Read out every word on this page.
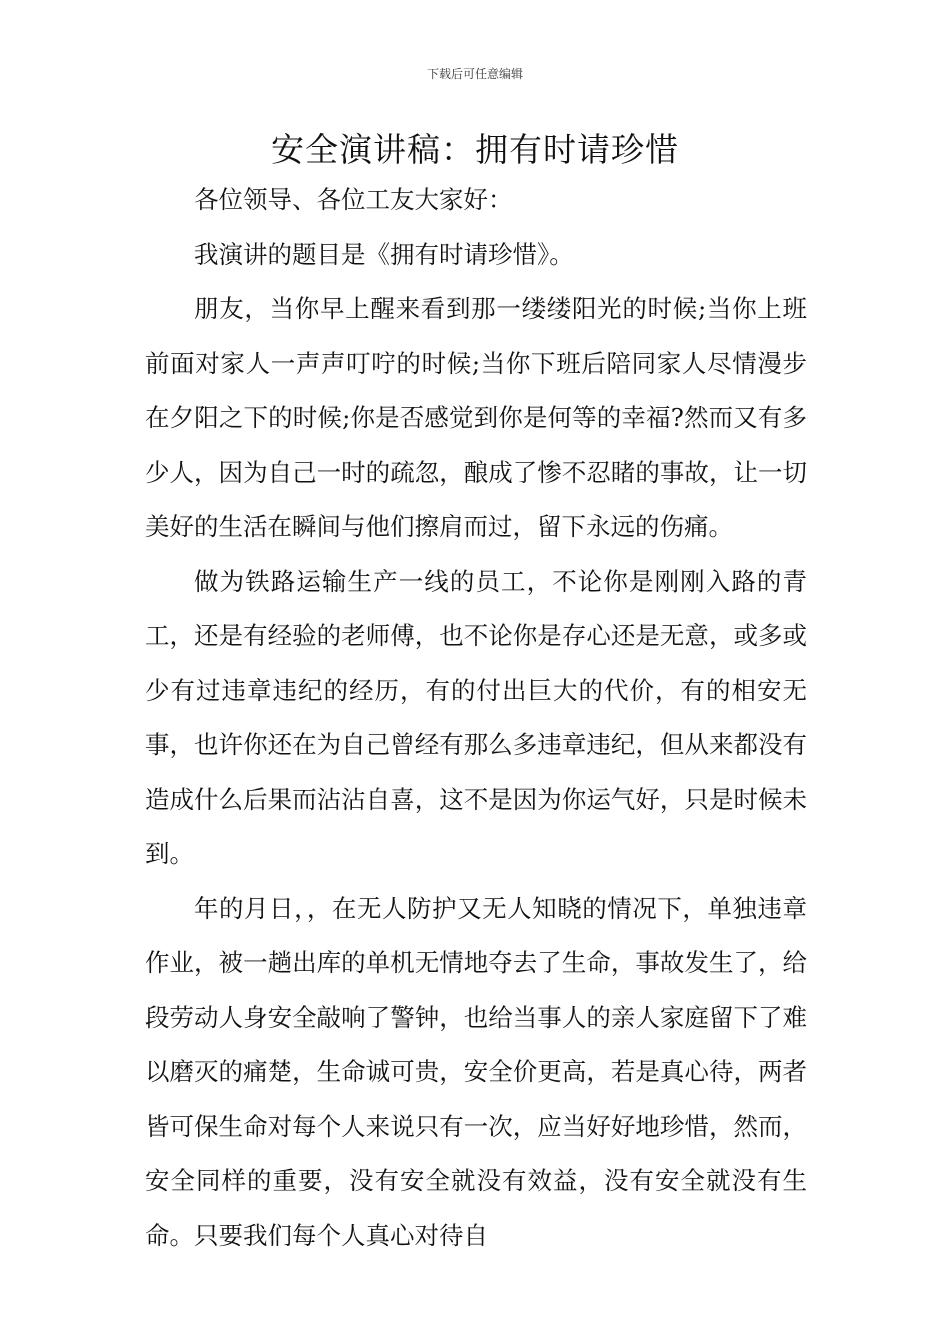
下载后可任意编辑
安全演讲稿：拥有时请珍惜

各位领导、各位工友大家好：

我演讲的题目是《拥有时请珍惜》。

朋友，当你早上醒来看到那一缕缕阳光的时候;当你上班前面对家人一声声叮咛的时候;当你下班后陪同家人尽情漫步在夕阳之下的时候;你是否感觉到你是何等的幸福?然而又有多少人，因为自己一时的疏忽，酿成了惨不忍睹的事故，让一切美好的生活在瞬间与他们擦肩而过，留下永远的伤痛。

做为铁路运输生产一线的员工，不论你是刚刚入路的青工，还是有经验的老师傅，也不论你是存心还是无意，或多或少有过违章违纪的经历，有的付出巨大的代价，有的相安无事，也许你还在为自己曾经有那么多违章违纪，但从来都没有造成什么后果而沾沾自喜，这不是因为你运气好，只是时候未到。

年的月日，，在无人防护又无人知晓的情况下，单独违章作业，被一趟出库的单机无情地夺去了生命，事故发生了，给段劳动人身安全敲响了警钟，也给当事人的亲人家庭留下了难以磨灭的痛楚，生命诚可贵，安全价更高，若是真心待，两者皆可保生命对每个人来说只有一次，应当好好地珍惜，然而，安全同样的重要，没有安全就没有效益，没有安全就没有生命。只要我们每个人真心对待自
